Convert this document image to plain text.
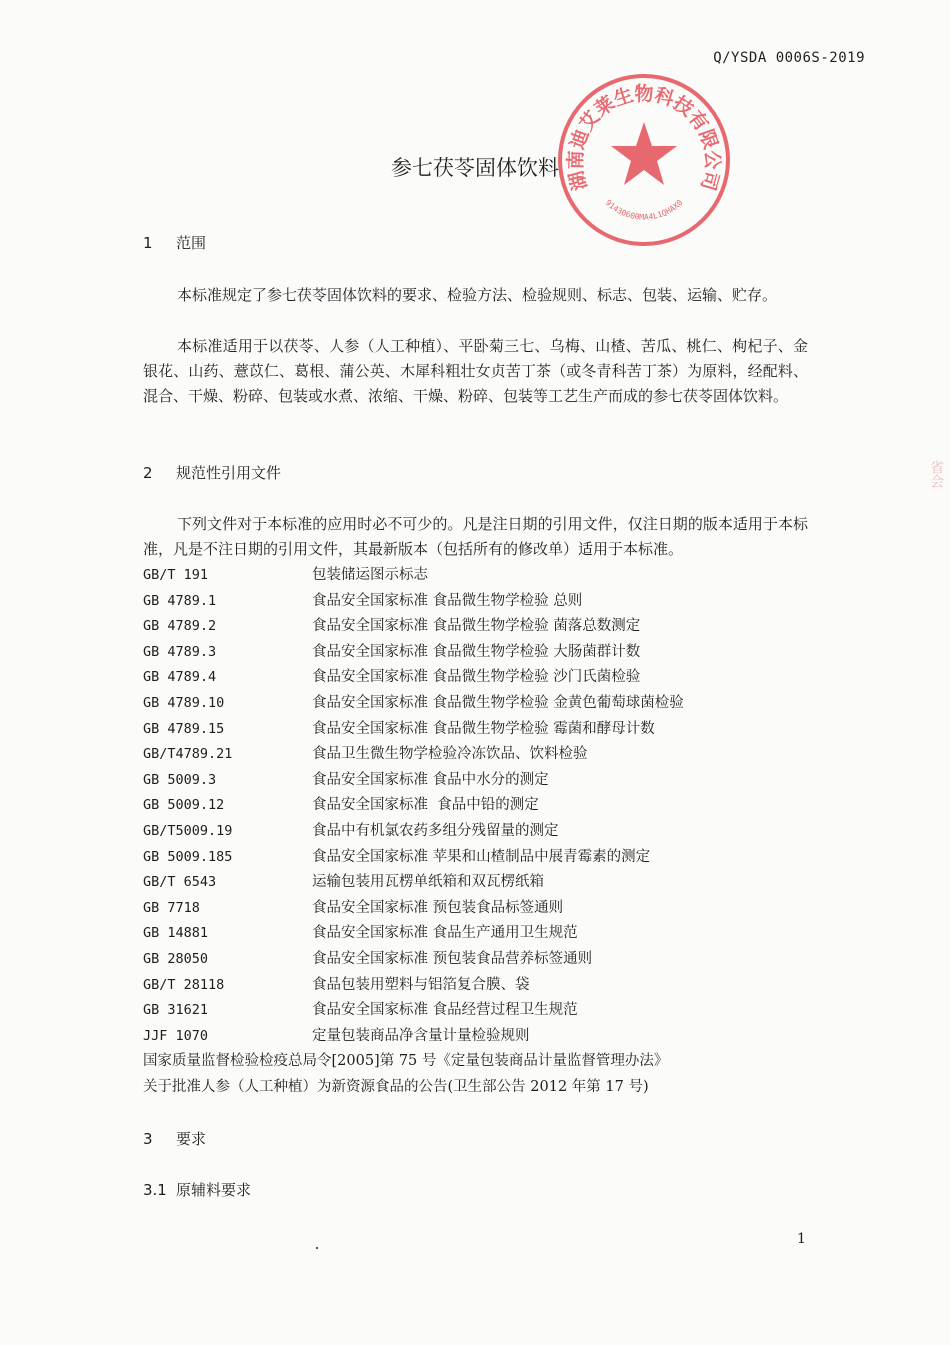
Q/YSDA 0006S-2019
参七茯苓固体饮料
湖南迪艾莱生物科技有限公司
91430600MA4L1QHAX0
1 范围
本标准规定了参七茯苓固体饮料的要求、检验方法、检验规则、标志、包装、运输、贮存。
本标准适用于以茯苓、人参（人工种植）、平卧菊三七、乌梅、山楂、苦瓜、桃仁、枸杞子、金银花、山药、薏苡仁、葛根、蒲公英、木犀科粗壮女贞苦丁茶（或冬青科苦丁茶）为原料，经配料、混合、干燥、粉碎、包装或水煮、浓缩、干燥、粉碎、包装等工艺生产而成的参七茯苓固体饮料。
2 规范性引用文件
下列文件对于本标准的应用时必不可少的。凡是注日期的引用文件，仅注日期的版本适用于本标准，凡是不注日期的引用文件，其最新版本（包括所有的修改单）适用于本标准。
GB/T 191	包装储运图示标志
GB 4789.1	食品安全国家标准 食品微生物学检验 总则
GB 4789.2	食品安全国家标准 食品微生物学检验 菌落总数测定
GB 4789.3	食品安全国家标准 食品微生物学检验 大肠菌群计数
GB 4789.4	食品安全国家标准 食品微生物学检验 沙门氏菌检验
GB 4789.10	食品安全国家标准 食品微生物学检验 金黄色葡萄球菌检验
GB 4789.15	食品安全国家标准 食品微生物学检验 霉菌和酵母计数
GB/T4789.21	食品卫生微生物学检验冷冻饮品、饮料检验
GB 5009.3	食品安全国家标准 食品中水分的测定
GB 5009.12	食品安全国家标准  食品中铅的测定
GB/T5009.19	食品中有机氯农药多组分残留量的测定
GB 5009.185	食品安全国家标准 苹果和山楂制品中展青霉素的测定
GB/T 6543	运输包装用瓦楞单纸箱和双瓦楞纸箱
GB 7718	食品安全国家标准 预包装食品标签通则
GB 14881	食品安全国家标准 食品生产通用卫生规范
GB 28050	食品安全国家标准 预包装食品营养标签通则
GB/T 28118	食品包装用塑料与铝箔复合膜、袋
GB 31621	食品安全国家标准 食品经营过程卫生规范
JJF 1070	定量包装商品净含量计量检验规则
国家质量监督检验检疫总局令[2005]第 75 号《定量包装商品计量监督管理办法》
关于批准人参（人工种植）为新资源食品的公告(卫生部公告 2012 年第 17 号)
3 要求
3.1 原辅料要求
省会
1
